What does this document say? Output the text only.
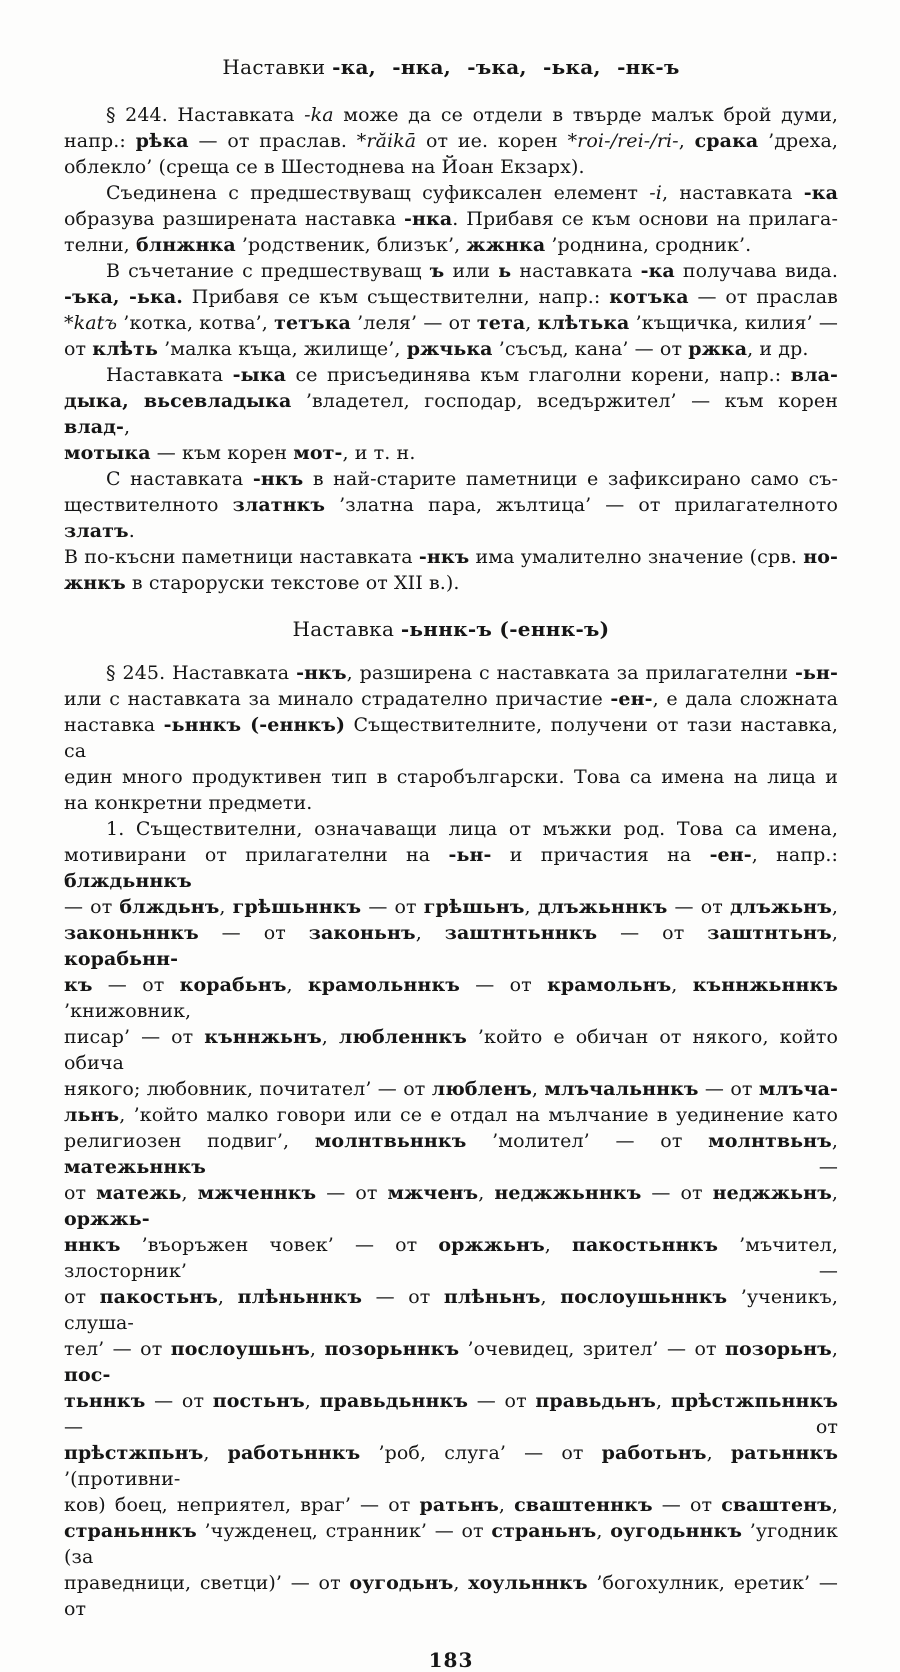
Наставки -ка, -нка, -ъка, -ька, -нк-ъ
§ 244. Наставката -ka може да се отдели в твърде малък брой думи,
напр.: рѣка — от праслав. *răikā от ие. корен *roi-/rei-/ri-, срака ’дреха,
облекло’ (среща се в Шестоднева на Йоан Екзарх).
Съединена с предшествуващ суфиксален елемент -i, наставката -ка
образува разширената наставка -нка. Прибавя се към основи на прилага-
телни, блнжнка ’родственик, близък’, жжнка ’роднина, сродник’.
В съчетание с предшествуващ ъ или ь наставката -ка получава вида.
-ъка, -ька. Прибавя се към съществителни, напр.: котъка — от праслав
*katъ ’котка, котва’, тетъка ’леля’ — от тета, клѣтька ’къщичка, килия’ —
от клѣть ’малка къща, жилище’, ржчька ’съсъд, кана’ — от ржка, и др.
Наставката -ыка се присъединява към глаголни корени, напр.: вла-
дыка, вьсевладыка ’владетел, господар, вседържител’ — към корен влад-,
мотыка — към корен мот-, и т. н.
С наставката -нкъ в най-старите паметници е зафиксирано само съ-
ществителното златнкъ ’златна пара, жълтица’ — от прилагателното златъ.
В по-късни паметници наставката -нкъ има умалително значение (срв. но-
жнкъ в староруски текстове от XII в.).
Наставка -ьннк-ъ (-еннк-ъ)
§ 245. Наставката -нкъ, разширена с наставката за прилагателни -ьн-
или с наставката за минало страдателно причастие -ен-, е дала сложната
наставка -ьннкъ (-еннкъ) Съществителните, получени от тази наставка, са
един много продуктивен тип в старобългарски. Това са имена на лица и
на конкретни предмети.
1. Съществителни, означаващи лица от мъжки род. Това са имена,
мотивирани от прилагателни на -ьн- и причастия на -ен-, напр.: блждьннкъ
— от блждьнъ, грѣшьннкъ — от грѣшьнъ, длъжьннкъ — от длъжьнъ,
законьннкъ — от законьнъ, заштнтьннкъ — от заштнтьнъ, корабьнн-
къ — от корабьнъ, крамольннкъ — от крамольнъ, къннжьннкъ ’книжовник,
писар’ — от къннжьнъ, любленнкъ ’който е обичан от някого, който обича
някого; любовник, почитател’ — от любленъ, млъчальннкъ — от млъча-
льнъ, ’който малко говори или се е отдал на мълчание в уединение като
религиозен подвиг’, молнтвьннкъ ’молител’ — от молнтвьнъ, матежьннкъ —
от матежь, мжченнкъ — от мжченъ, неджжьннкъ — от неджжьнъ, оржжь-
ннкъ ’въоръжен човек’ — от оржжьнъ, пакостьннкъ ’мъчител, злосторник’ —
от пакостьнъ, плѣньннкъ — от плѣньнъ, послоушьннкъ ’ученикъ, слуша-
тел’ — от послоушьнъ, позорьннкъ ’очевидец, зрител’ — от позорьнъ, пос-
тьннкъ — от постьнъ, правьдьннкъ — от правьдьнъ, прѣстжпьннкъ — от
прѣстжпьнъ, работьннкъ ’роб, слуга’ — от работьнъ, ратьннкъ ’(противни-
ков) боец, неприятел, враг’ — от ратьнъ, сваштеннкъ — от сваштенъ,
страньннкъ ’чужденец, странник’ — от страньнъ, оугодьннкъ ’угодник (за
праведници, светци)’ — от оугодьнъ, хоульннкъ ’богохулник, еретик’ — от
183
